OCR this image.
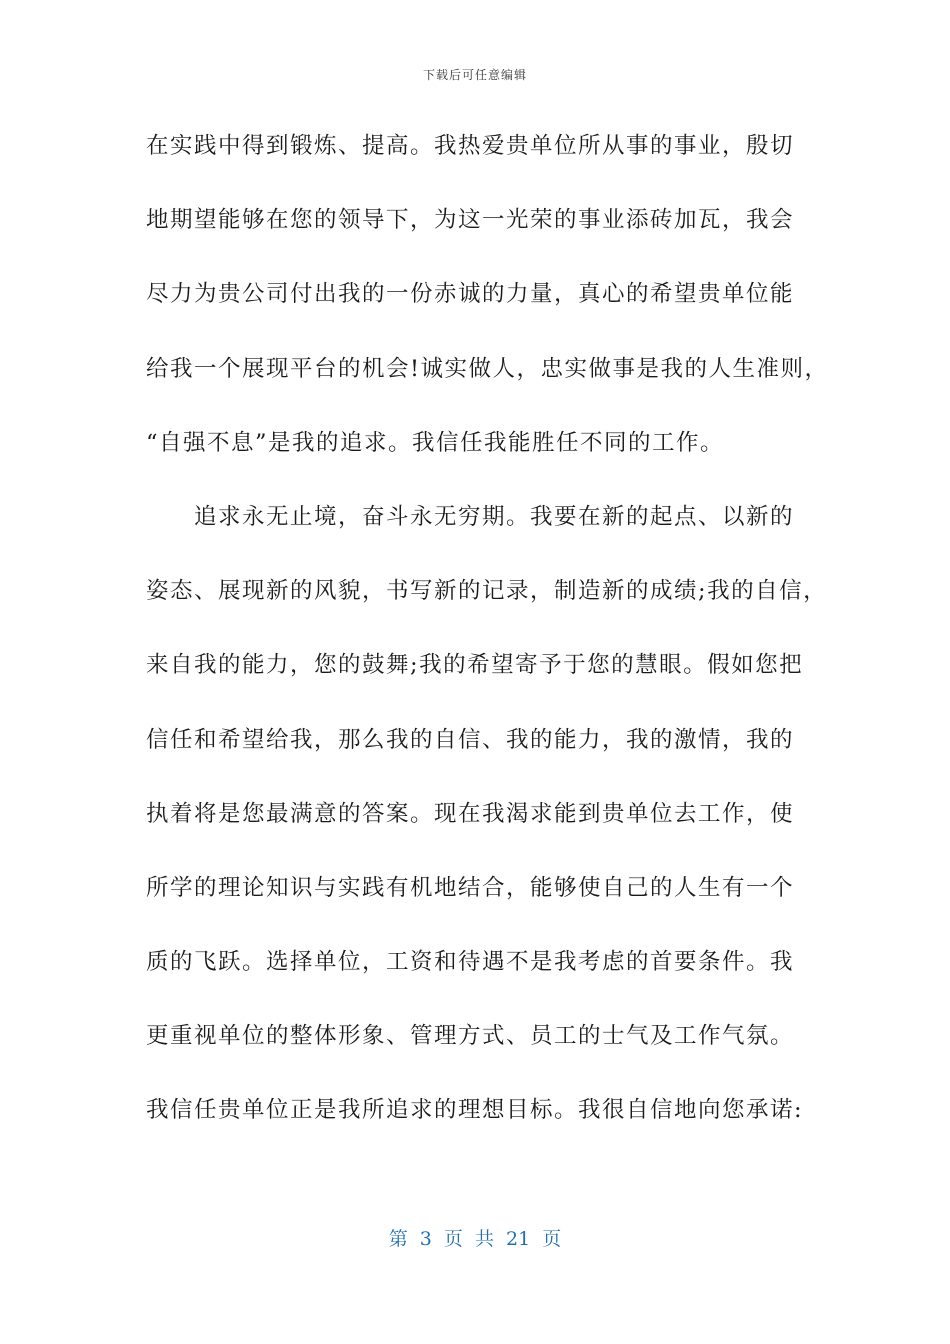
下载后可任意编辑
在实践中得到锻炼、提高。我热爱贵单位所从事的事业，殷切
地期望能够在您的领导下，为这一光荣的事业添砖加瓦，我会
尽力为贵公司付出我的一份赤诚的力量，真心的希望贵单位能
给我一个展现平台的机会!诚实做人，忠实做事是我的人生准则，
“自强不息”是我的追求。我信任我能胜任不同的工作。
追求永无止境，奋斗永无穷期。我要在新的起点、以新的
姿态、展现新的风貌，书写新的记录，制造新的成绩;我的自信，
来自我的能力，您的鼓舞;我的希望寄予于您的慧眼。假如您把
信任和希望给我，那么我的自信、我的能力，我的激情，我的
执着将是您最满意的答案。现在我渴求能到贵单位去工作，使
所学的理论知识与实践有机地结合，能够使自己的人生有一个
质的飞跃。选择单位，工资和待遇不是我考虑的首要条件。我
更重视单位的整体形象、管理方式、员工的士气及工作气氛。
我信任贵单位正是我所追求的理想目标。我很自信地向您承诺:
第 3 页 共 21 页
